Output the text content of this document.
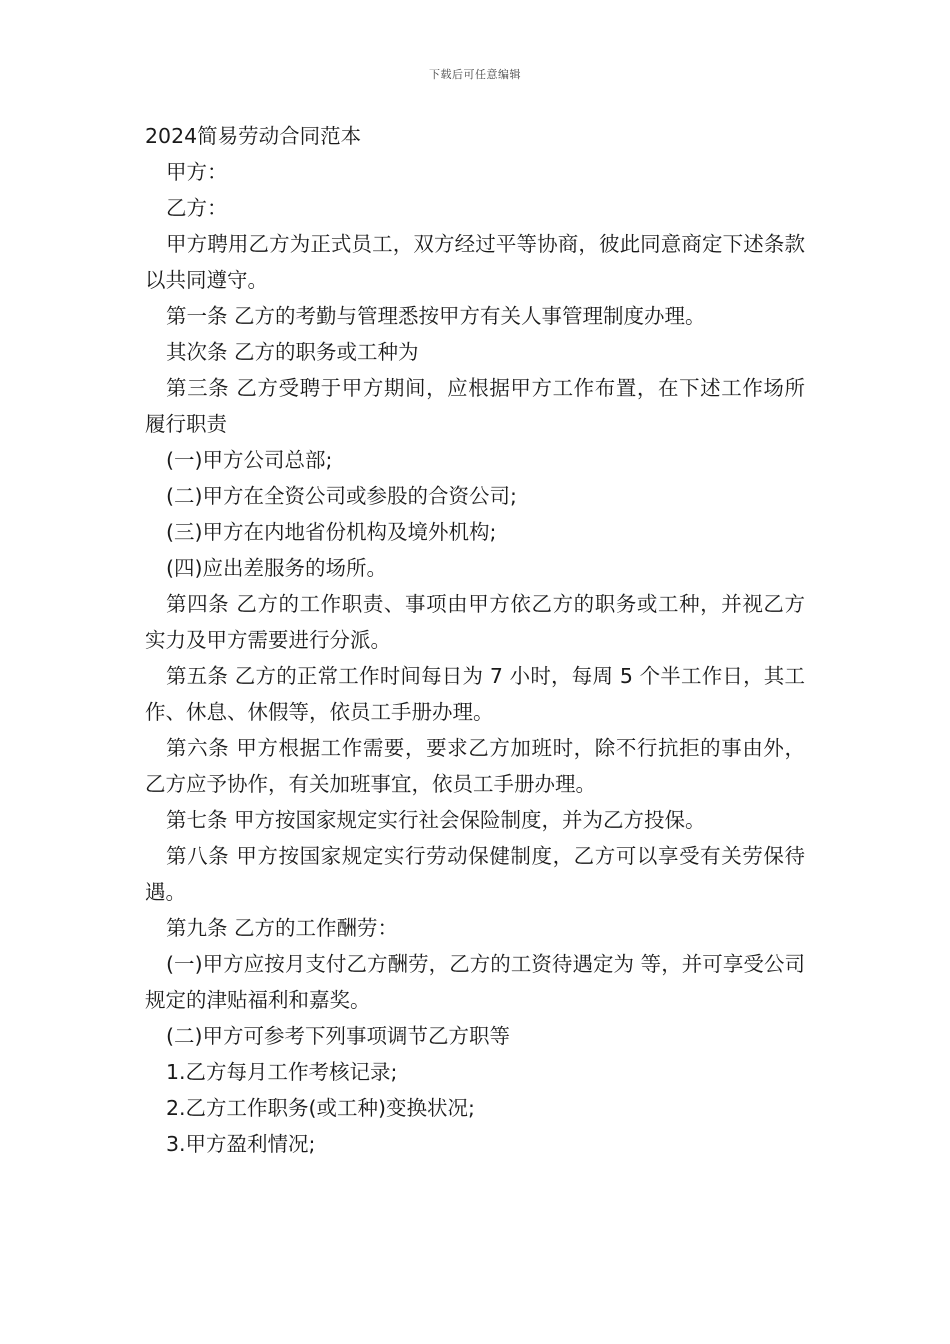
下载后可任意编辑

2024简易劳动合同范本

甲方：

乙方：

甲方聘用乙方为正式员工，双方经过平等协商，彼此同意商定下述条款以共同遵守。

第一条 乙方的考勤与管理悉按甲方有关人事管理制度办理。

其次条 乙方的职务或工种为

第三条 乙方受聘于甲方期间，应根据甲方工作布置，在下述工作场所履行职责

(一)甲方公司总部;

(二)甲方在全资公司或参股的合资公司;

(三)甲方在内地省份机构及境外机构;

(四)应出差服务的场所。

第四条 乙方的工作职责、事项由甲方依乙方的职务或工种，并视乙方实力及甲方需要进行分派。

第五条 乙方的正常工作时间每日为 7 小时，每周 5 个半工作日，其工作、休息、休假等，依员工手册办理。

第六条 甲方根据工作需要，要求乙方加班时，除不行抗拒的事由外，乙方应予协作，有关加班事宜，依员工手册办理。

第七条 甲方按国家规定实行社会保险制度，并为乙方投保。

第八条 甲方按国家规定实行劳动保健制度，乙方可以享受有关劳保待遇。

第九条 乙方的工作酬劳：

(一)甲方应按月支付乙方酬劳，乙方的工资待遇定为 等，并可享受公司规定的津贴福利和嘉奖。

(二)甲方可参考下列事项调节乙方职等

1.乙方每月工作考核记录;

2.乙方工作职务(或工种)变换状况;

3.甲方盈利情况;
